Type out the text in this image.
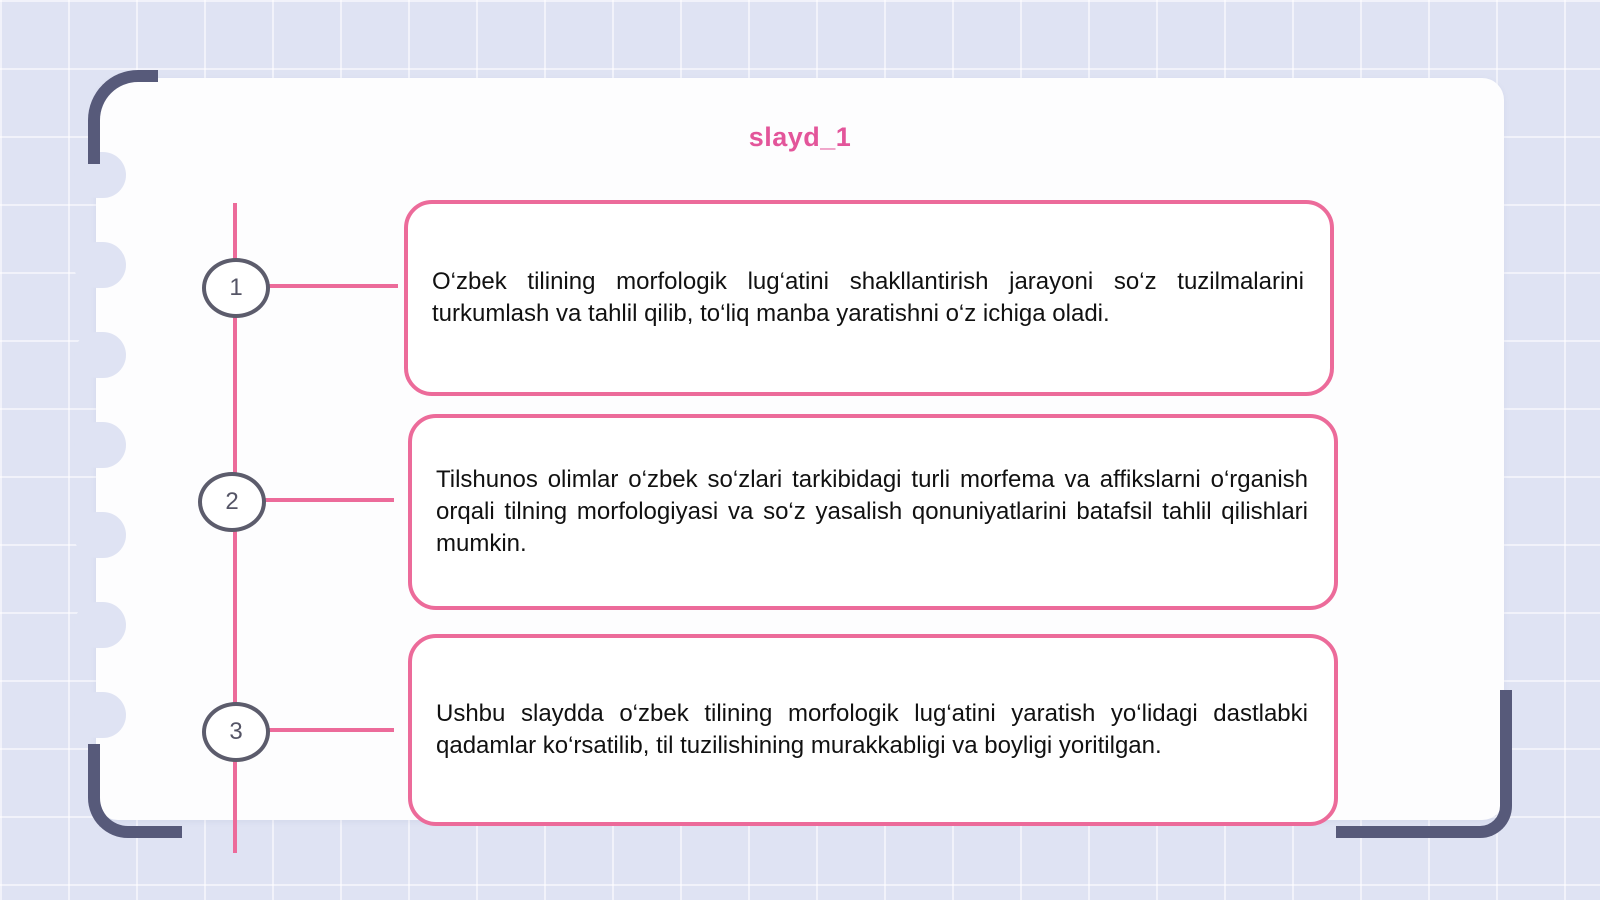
slayd_1
1	O‘zbek tilining morfologik lug‘atini shakllantirish jarayoni so‘z tuzilmalarini turkumlash va tahlil qilib, to‘liq manba yaratishni o‘z ichiga oladi.
2
Tilshunos olimlar o‘zbek so‘zlari tarkibidagi turli morfema va affikslarni o‘rganish orqali tilning morfologiyasi va so‘z yasalish qonuniyatlarini batafsil tahlil qilishlari mumkin.
3
Ushbu slaydda o‘zbek tilining morfologik lug‘atini yaratish yo‘lidagi dastlabki qadamlar ko‘rsatilib, til tuzilishining murakkabligi va boyligi yoritilgan.
